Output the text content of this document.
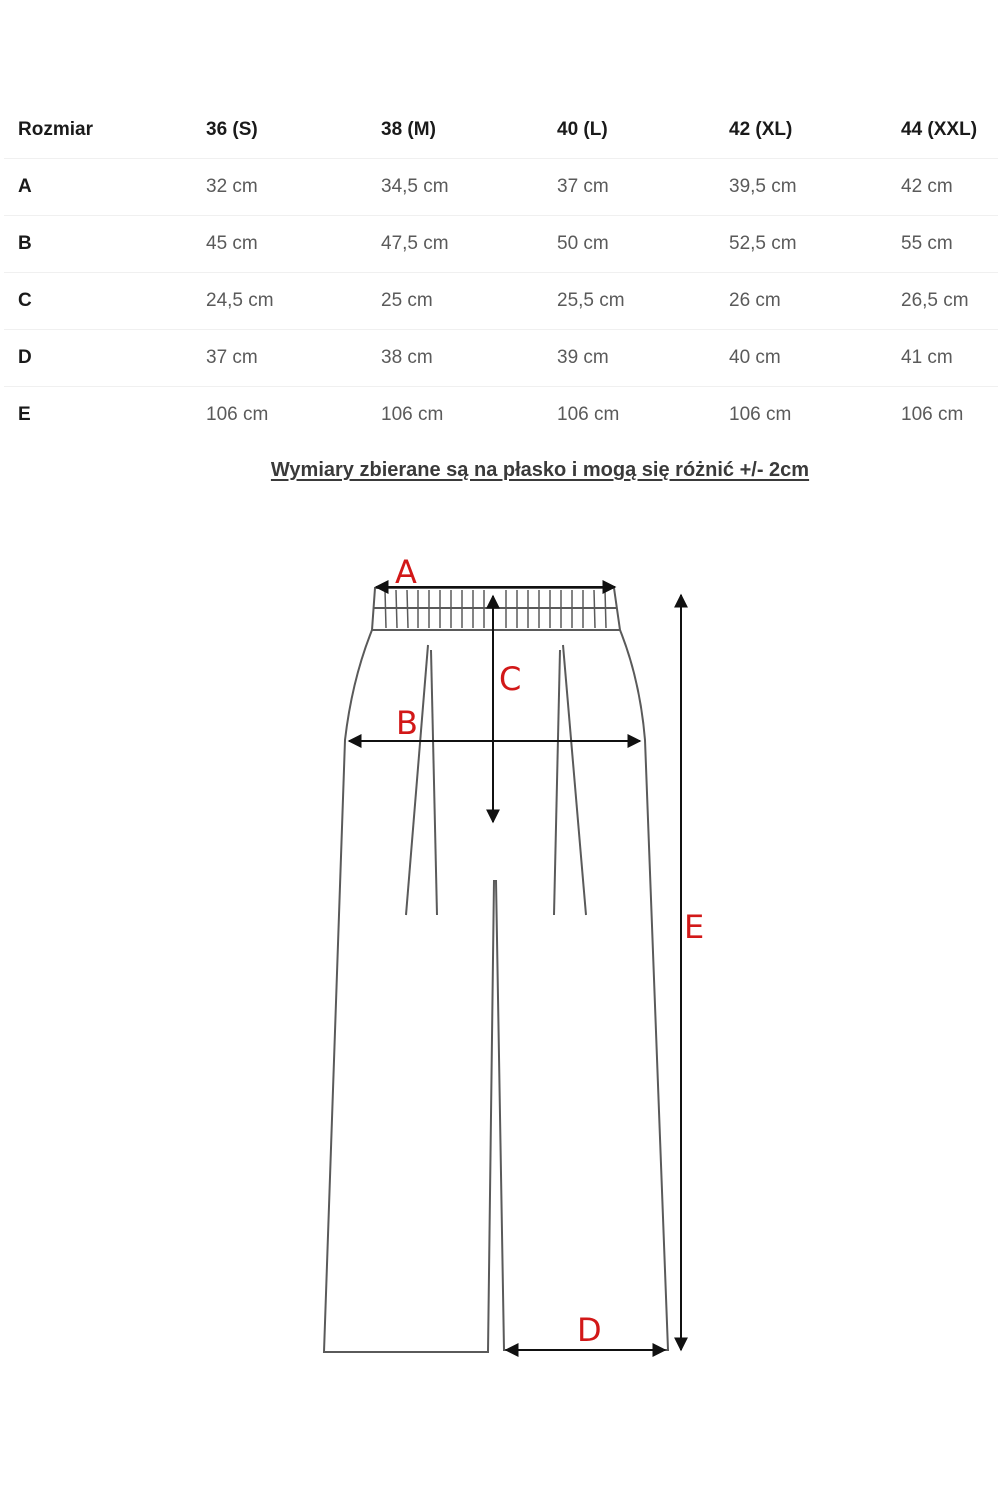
Rozmiar	36 (S)	38 (M)	40 (L)	42 (XL)	44 (XXL)
A	32 cm	34,5 cm	37 cm	39,5 cm	42 cm
B	45 cm	47,5 cm	50 cm	52,5 cm	55 cm
C	24,5 cm	25 cm	25,5 cm	26 cm	26,5 cm
D	37 cm	38 cm	39 cm	40 cm	41 cm
E	106 cm	106 cm	106 cm	106 cm	106 cm
Wymiary zbierane są na płasko i mogą się różnić +/- 2cm
A
B
C
D
E
